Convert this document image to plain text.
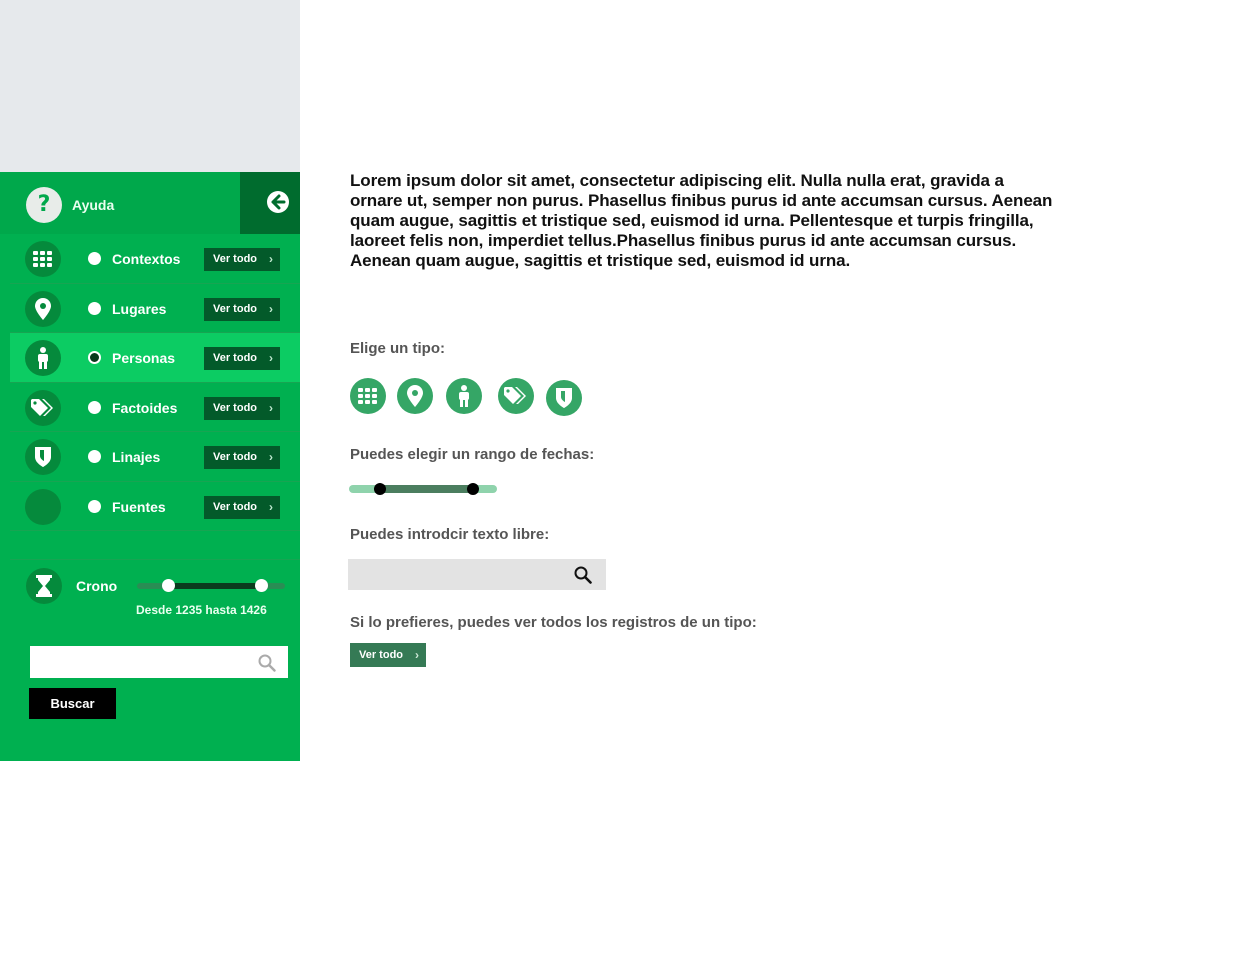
?	Ayuda
Contextos	Ver todo ›
Lugares	Ver todo ›
Personas	Ver todo ›
Factoides	Ver todo ›
Linajes	Ver todo ›
Fuentes	Ver todo ›
Crono
Desde 1235 hasta 1426
Buscar
Lorem ipsum dolor sit amet, consectetur adipiscing elit. Nulla nulla erat, gravida a ornare ut, semper non purus. Phasellus finibus purus id ante accumsan cursus. Aenean quam augue, sagittis et tristique sed, euismod id urna. Pellentesque et turpis fringilla, laoreet felis non, imperdiet tellus.Phasellus finibus purus id ante accumsan cursus. Aenean quam augue, sagittis et tristique sed, euismod id urna.
Elige un tipo:
Puedes elegir un rango de fechas:
Puedes introdcir texto libre:
Si lo prefieres, puedes ver todos los registros de un tipo:
Ver todo ›
